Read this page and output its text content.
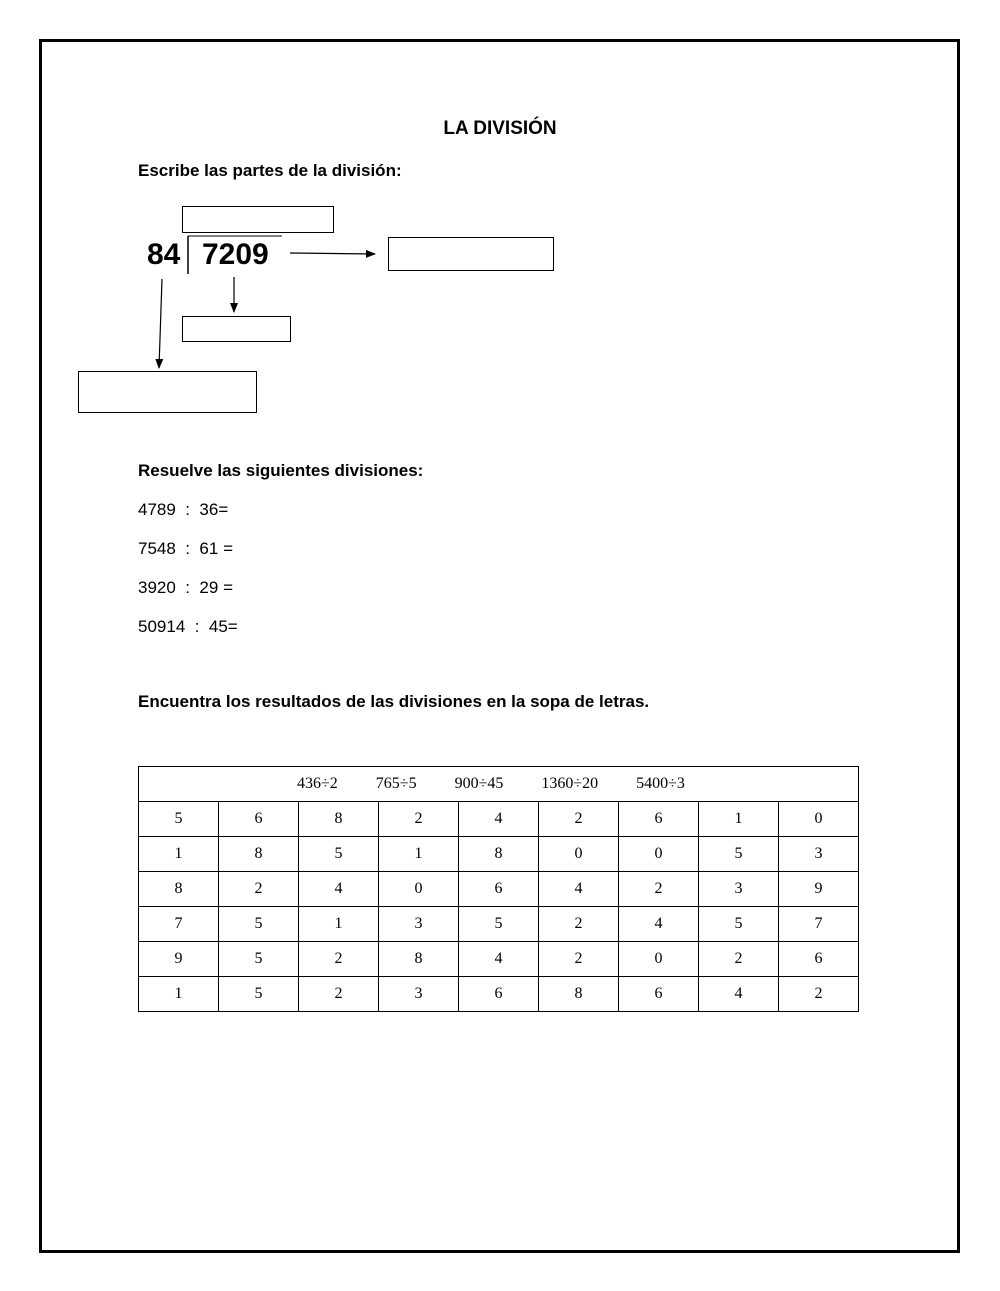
LA DIVISIÓN
Escribe las partes de la división:
84 7209
Resuelve las siguientes divisiones:
4789  :  36=
7548  :  61 =
3920  :  29 =
50914  :  45=
Encuentra los resultados de las divisiones en la sopa de letras.
436÷2 765÷5 900÷45 1360÷20 5400÷3								
5	6	8	2	4	2	6	1	0
1	8	5	1	8	0	0	5	3
8	2	4	0	6	4	2	3	9
7	5	1	3	5	2	4	5	7
9	5	2	8	4	2	0	2	6
1	5	2	3	6	8	6	4	2
